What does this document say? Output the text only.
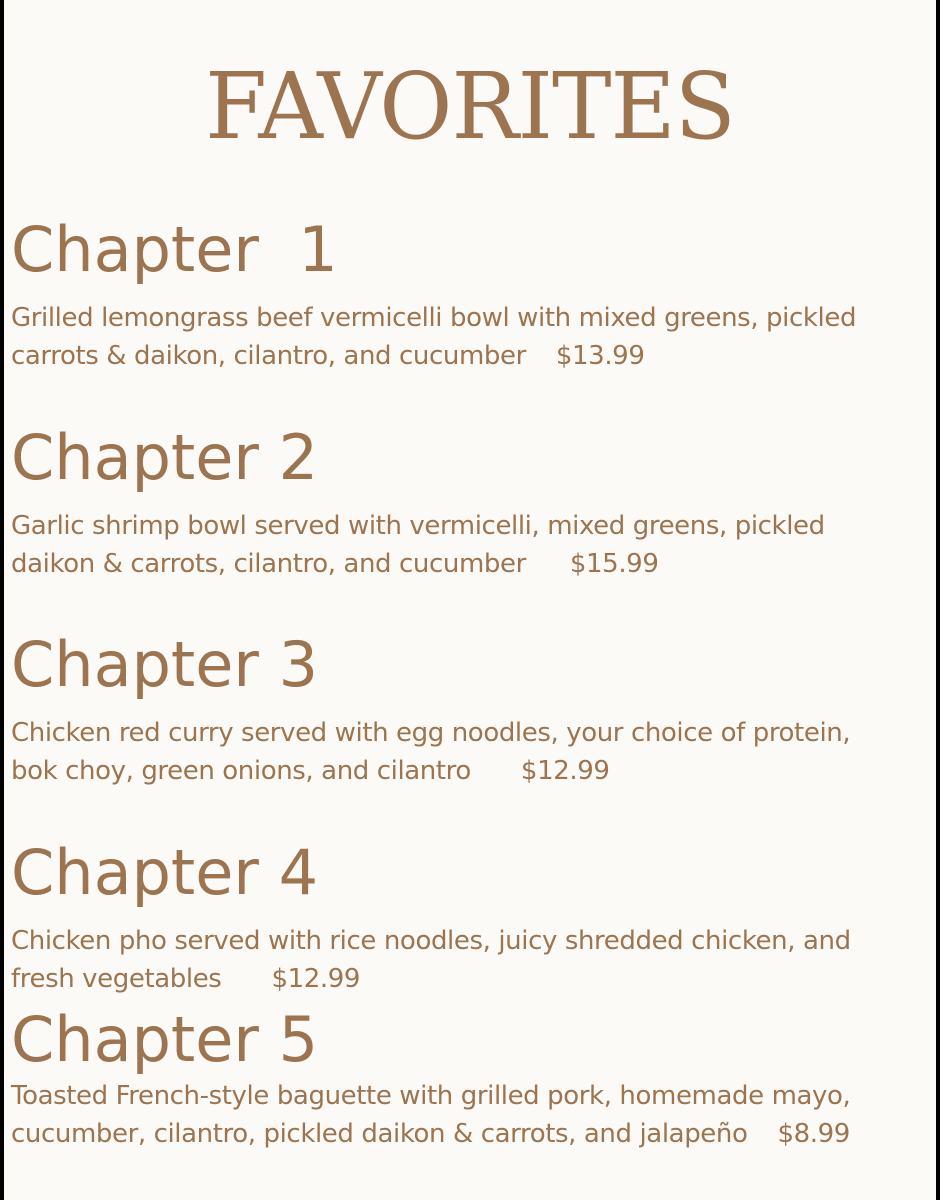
FAVORITES
Chapter  1
Grilled lemongrass beef vermicelli bowl with mixed greens, pickled
carrots & daikon, cilantro, and cucumber $13.99
Chapter 2
Garlic shrimp bowl served with vermicelli, mixed greens, pickled
daikon & carrots, cilantro, and cucumber $15.99
Chapter 3
Chicken red curry served with egg noodles, your choice of protein,
bok choy, green onions, and cilantro $12.99
Chapter 4
Chicken pho served with rice noodles, juicy shredded chicken, and
fresh vegetables $12.99
Chapter 5
Toasted French-style baguette with grilled pork, homemade mayo,
cucumber, cilantro, pickled daikon & carrots, and jalapeño $8.99
